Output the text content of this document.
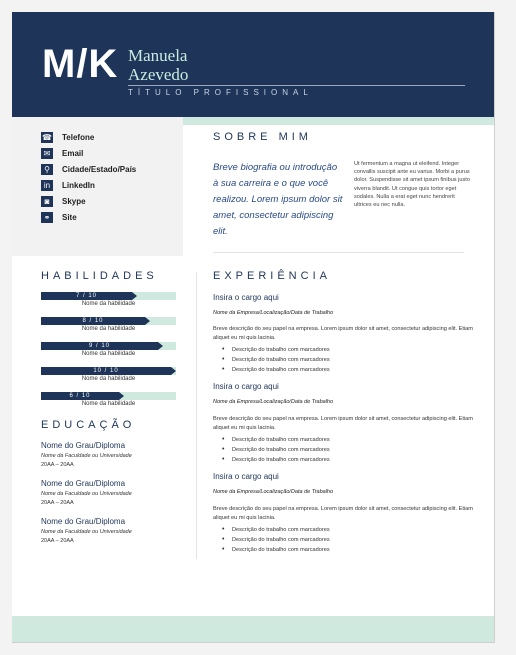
M/K Manuela
Azevedo
TÍTULO PROFISSIONAL
☎ Telefone
✉	Email
⚲	Cidade/Estado/País
in	LinkedIn
◙	Skype
⚭	Site
SOBRE MIM
Breve biografia ou introdução à sua carreira e o que você realizou. Lorem ipsum dolor sit amet, consectetur adipiscing elit.
Ut fermentum a magna ut eleifend. Integer convallis suscipit ante eu varius. Morbi a purus dolor. Suspendisse sit amet ipsum finibus justo viverra blandit. Ut congue quis tortor eget sodales. Nulla a erat eget nunc hendrerit ultrices eu nec nulla.
HABILIDADES
7 / 10
Nome da habilidade
8 / 10
Nome da habilidade
9 / 10
Nome da habilidade
10 / 10
Nome da habilidade
6 / 10
Nome da habilidade
EDUCAÇÃO
Nome do Grau/Diploma
Nome da Faculdade ou Universidade
20AA – 20AA
Nome do Grau/Diploma
Nome da Faculdade ou Universidade
20AA – 20AA
Nome do Grau/Diploma
Nome da Faculdade ou Universidade
20AA – 20AA
EXPERIÊNCIA
Insira o cargo aqui
Nome da Empresa/Localização/Data de Trabalho
Breve descrição do seu papel na empresa. Lorem ipsum dolor sit amet, consectetur adipiscing elit. Etiam aliquet eu mi quis lacinia.
• Descrição do trabalho com marcadores
• Descrição do trabalho com marcadores
• Descrição do trabalho com marcadores
Insira o cargo aqui
Nome da Empresa/Localização/Data de Trabalho
Breve descrição do seu papel na empresa. Lorem ipsum dolor sit amet, consectetur adipiscing elit. Etiam aliquet eu mi quis lacinia.
• Descrição do trabalho com marcadores
• Descrição do trabalho com marcadores
• Descrição do trabalho com marcadores
Insira o cargo aqui
Nome da Empresa/Localização/Data de Trabalho
Breve descrição do seu papel na empresa. Lorem ipsum dolor sit amet, consectetur adipiscing elit. Etiam aliquet eu mi quis lacinia.
• Descrição do trabalho com marcadores
• Descrição do trabalho com marcadores
• Descrição do trabalho com marcadores
